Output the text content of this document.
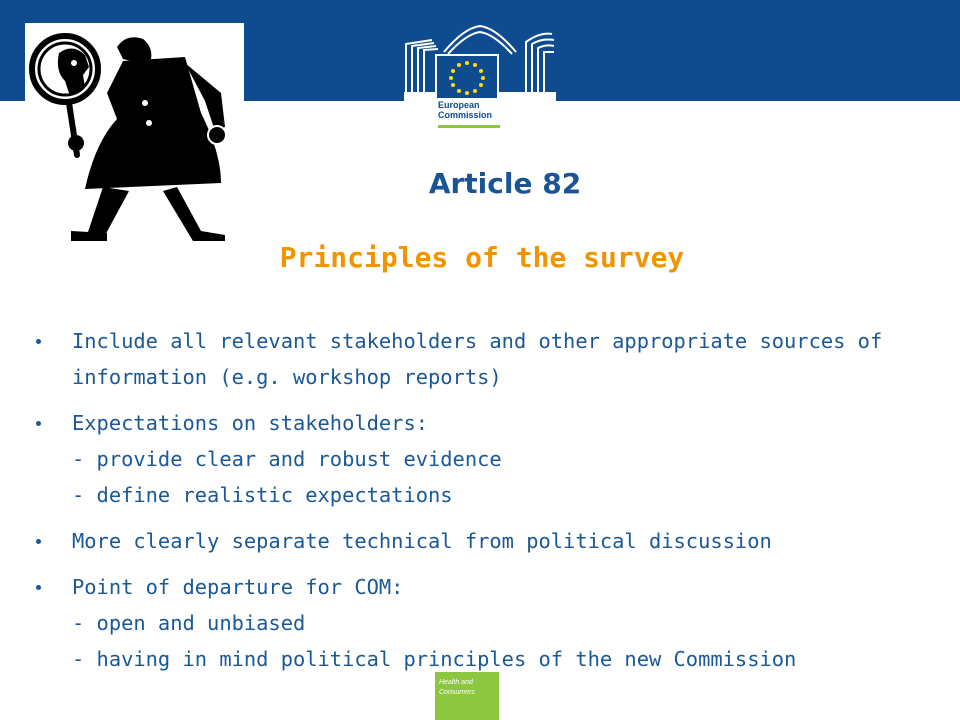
European
Commission
Article 82
Principles of the survey
Include all relevant stakeholders and other appropriate sources of
information (e.g. workshop reports)
Expectations on stakeholders:
- provide clear and robust evidence
- define realistic expectations
More clearly separate technical from political discussion
Point of departure for COM:
- open and unbiased
- having in mind political principles of the new Commission
Health and
Consumers
